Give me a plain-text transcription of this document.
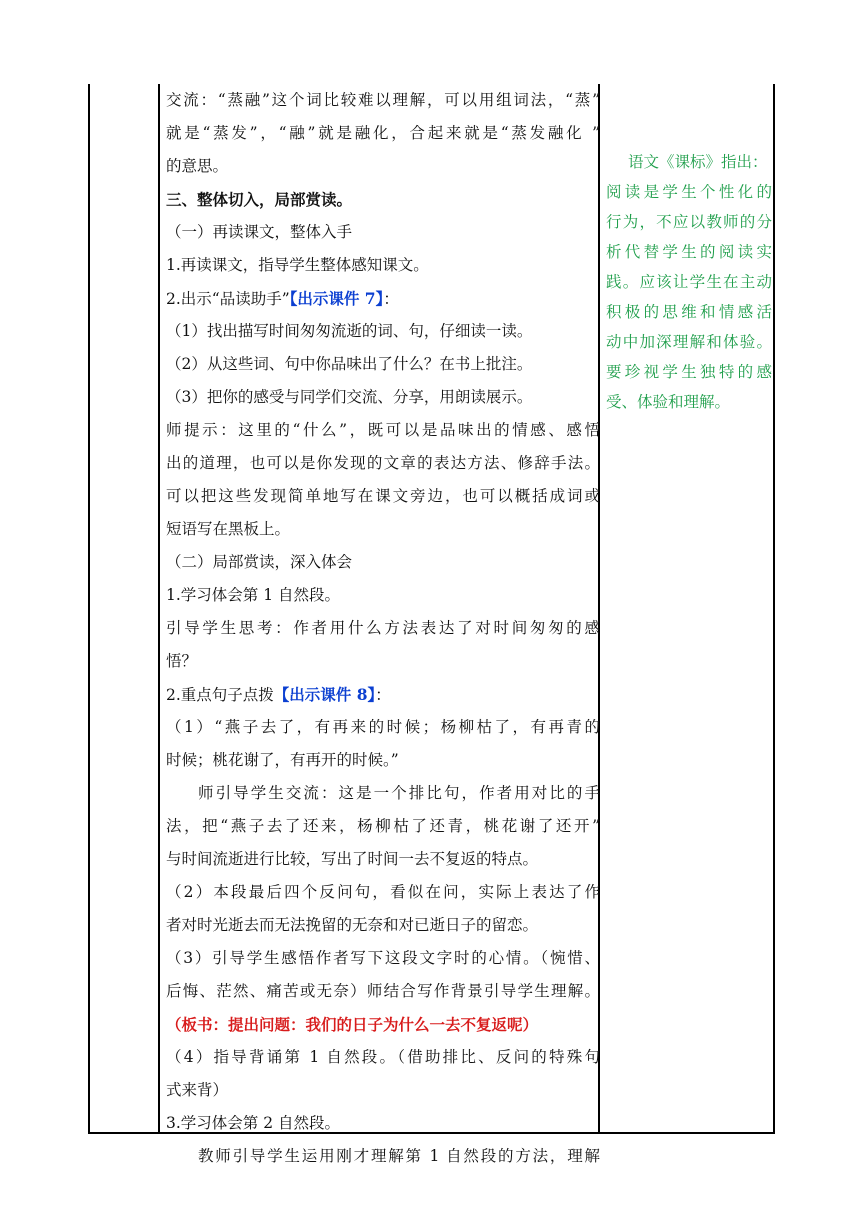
交流：“蒸融”这个词比较难以理解，可以用组词法，“蒸”
就是“蒸发”，“融”就是融化，合起来就是“蒸发融化 ”
的意思。
三、整体切入，局部赏读。
（一）再读课文，整体入手
1.再读课文，指导学生整体感知课文。
2.出示“品读助手”【出示课件 7】：
（1）找出描写时间匆匆流逝的词、句，仔细读一读。
（2）从这些词、句中你品味出了什么？在书上批注。
（3）把你的感受与同学们交流、分享，用朗读展示。
师提示：这里的“什么”，既可以是品味出的情感、感悟
出的道理，也可以是你发现的文章的表达方法、修辞手法。
可以把这些发现简单地写在课文旁边，也可以概括成词或
短语写在黑板上。
（二）局部赏读，深入体会
1.学习体会第 1 自然段。
引导学生思考：作者用什么方法表达了对时间匆匆的感
悟？
2.重点句子点拨【出示课件 8】：
（1）“燕子去了，有再来的时候；杨柳枯了，有再青的
时候；桃花谢了，有再开的时候。”
师引导学生交流：这是一个排比句，作者用对比的手
法，把“燕子去了还来，杨柳枯了还青，桃花谢了还开”
与时间流逝进行比较，写出了时间一去不复返的特点。
（2）本段最后四个反问句，看似在问，实际上表达了作
者对时光逝去而无法挽留的无奈和对已逝日子的留恋。
（3）引导学生感悟作者写下这段文字时的心情。（惋惜、
后悔、茫然、痛苦或无奈）师结合写作背景引导学生理解。
（板书：提出问题：我们的日子为什么一去不复返呢）
（4）指导背诵第 1 自然段。（借助排比、反问的特殊句
式来背）
3.学习体会第 2 自然段。
教师引导学生运用刚才理解第 1 自然段的方法，理解
语文《课标》指出：
阅读是学生个性化的
行为，不应以教师的分
析代替学生的阅读实
践。应该让学生在主动
积极的思维和情感活
动中加深理解和体验。
要珍视学生独特的感
受、体验和理解。
